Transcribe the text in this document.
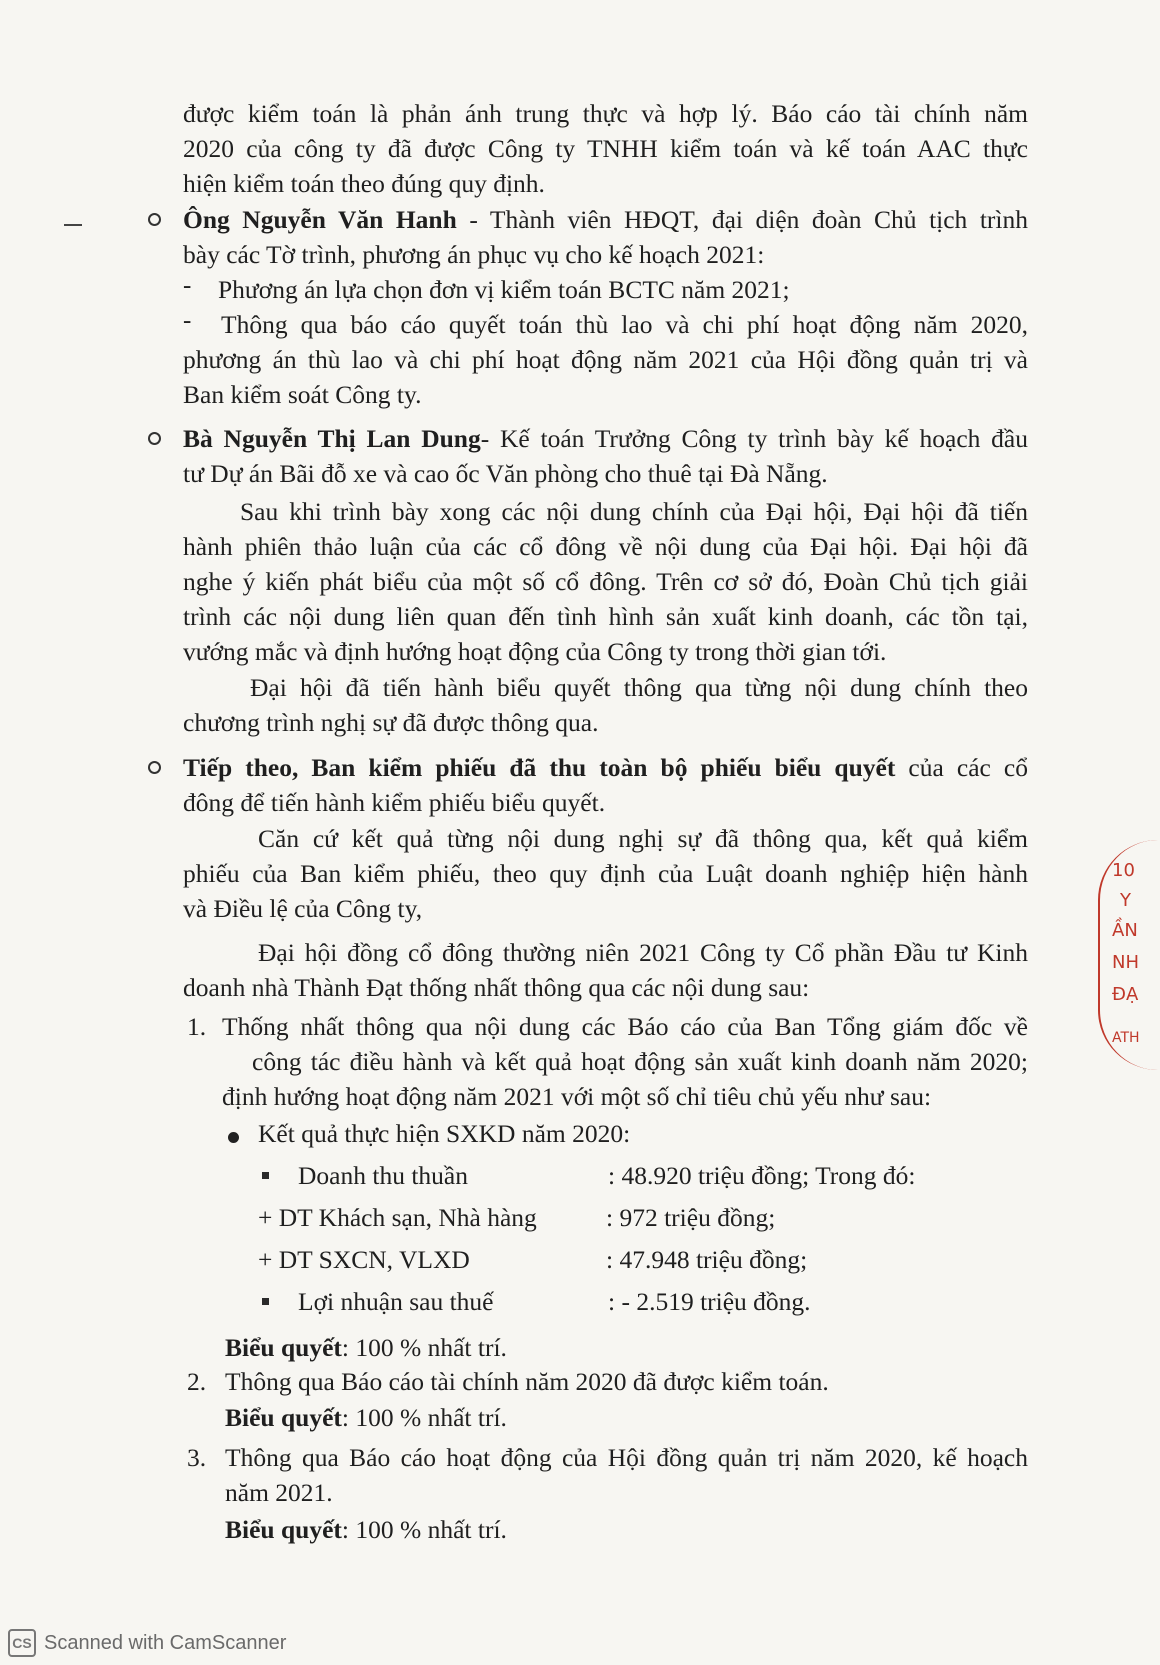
được kiểm toán là phản ánh trung thực và hợp lý. Báo cáo tài chính năm
2020 của công ty đã được Công ty TNHH kiểm toán và kế toán AAC thực
hiện kiểm toán theo đúng quy định.
Ông Nguyễn Văn Hanh - Thành viên HĐQT, đại diện đoàn Chủ tịch trình
bày các Tờ trình, phương án phục vụ cho kế hoạch 2021:
- Phương án lựa chọn đơn vị kiểm toán BCTC năm 2021;
- Thông qua báo cáo quyết toán thù lao và chi phí hoạt động năm 2020,
phương án thù lao và chi phí hoạt động năm 2021 của Hội đồng quản trị và
Ban kiểm soát Công ty.
Bà Nguyễn Thị Lan Dung- Kế toán Trưởng Công ty trình bày kế hoạch đầu
tư Dự án Bãi đỗ xe và cao ốc Văn phòng cho thuê tại Đà Nẵng.
Sau khi trình bày xong các nội dung chính của Đại hội, Đại hội đã tiến
hành phiên thảo luận của các cổ đông về nội dung của Đại hội. Đại hội đã
nghe ý kiến phát biểu của một số cổ đông. Trên cơ sở đó, Đoàn Chủ tịch giải
trình các nội dung liên quan đến tình hình sản xuất kinh doanh, các tồn tại,
vướng mắc và định hướng hoạt động của Công ty trong thời gian tới.
Đại hội đã tiến hành biểu quyết thông qua từng nội dung chính theo
chương trình nghị sự đã được thông qua.
Tiếp theo, Ban kiểm phiếu đã thu toàn bộ phiếu biểu quyết của các cổ
đông để tiến hành kiểm phiếu biểu quyết.
Căn cứ kết quả từng nội dung nghị sự đã thông qua, kết quả kiểm
phiếu của Ban kiểm phiếu, theo quy định của Luật doanh nghiệp hiện hành
và Điều lệ của Công ty,
Đại hội đồng cổ đông thường niên 2021 Công ty Cổ phần Đầu tư Kinh
doanh nhà Thành Đạt thống nhất thông qua các nội dung sau:
1. Thống nhất thông qua nội dung các Báo cáo của Ban Tổng giám đốc về
công tác điều hành và kết quả hoạt động sản xuất kinh doanh năm 2020;
định hướng hoạt động năm 2021 với một số chỉ tiêu chủ yếu như sau:
Kết quả thực hiện SXKD năm 2020:
Doanh thu thuần	: 48.920 triệu đồng; Trong đó:
+ DT Khách sạn, Nhà hàng	: 972 triệu đồng;
+ DT SXCN, VLXD	: 47.948 triệu đồng;
Lợi nhuận sau thuế	: - 2.519 triệu đồng.
Biểu quyết: 100 % nhất trí.
2. Thông qua Báo cáo tài chính năm 2020 đã được kiểm toán.
Biểu quyết: 100 % nhất trí.
3. Thông qua Báo cáo hoạt động của Hội đồng quản trị năm 2020, kế hoạch
năm 2021.
Biểu quyết: 100 % nhất trí.
10
Y
ẦN
NH
ĐẠ
ATH
CS Scanned with CamScanner
